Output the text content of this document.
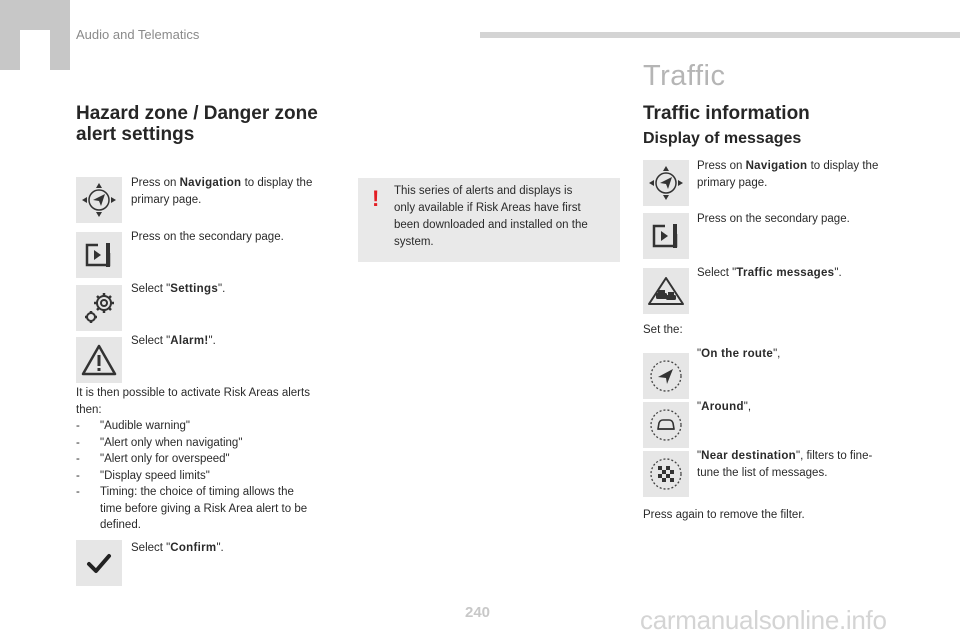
Audio and Telematics
Traffic
Hazard zone / Danger zone
alert settings
Press on Navigation to display the
primary page.
Press on the secondary page.
Select "Settings".
Select "Alarm!".
It is then possible to activate Risk Areas alerts
then:
- "Audible warning"
- "Alert only when navigating"
- "Alert only for overspeed"
- "Display speed limits"
- Timing: the choice of timing allows the
time before giving a Risk Area alert to be
defined.
Select "Confirm".
! This series of alerts and displays is
only available if Risk Areas have first
been downloaded and installed on the
system.
Traffic information
Display of messages
Press on Navigation to display the
primary page.
Press on the secondary page.
Select "Traffic messages".
Set the:
"On the route",
"Around",
"Near destination", filters to fine-
tune the list of messages.
Press again to remove the filter.
240	carmanualsonline.info
